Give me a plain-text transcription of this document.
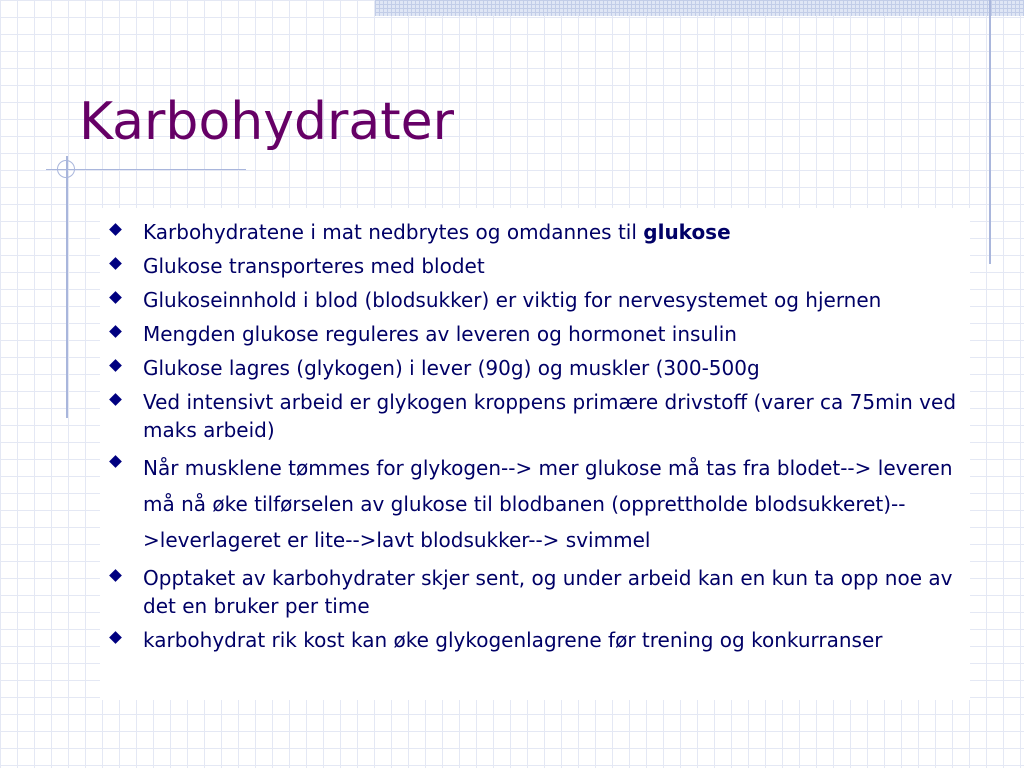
Karbohydrater
Karbohydratene i mat nedbrytes og omdannes til glukose
Glukose transporteres med blodet
Glukoseinnhold i blod (blodsukker) er viktig for nervesystemet og hjernen
Mengden glukose reguleres av leveren og hormonet insulin
Glukose lagres (glykogen) i lever (90g) og muskler (300-500g
Ved intensivt arbeid er glykogen kroppens primære drivstoff (varer ca 75min ved maks arbeid)
Når musklene tømmes for glykogen--> mer glukose må tas fra blodet--> leveren må nå øke tilførselen av glukose til blodbanen (opprettholde blodsukkeret)-->leverlageret er lite-->lavt blodsukker--> svimmel
Opptaket av karbohydrater skjer sent, og under arbeid kan en kun ta opp noe av det en bruker per time
karbohydrat rik kost kan øke glykogenlagrene før trening og konkurranser
